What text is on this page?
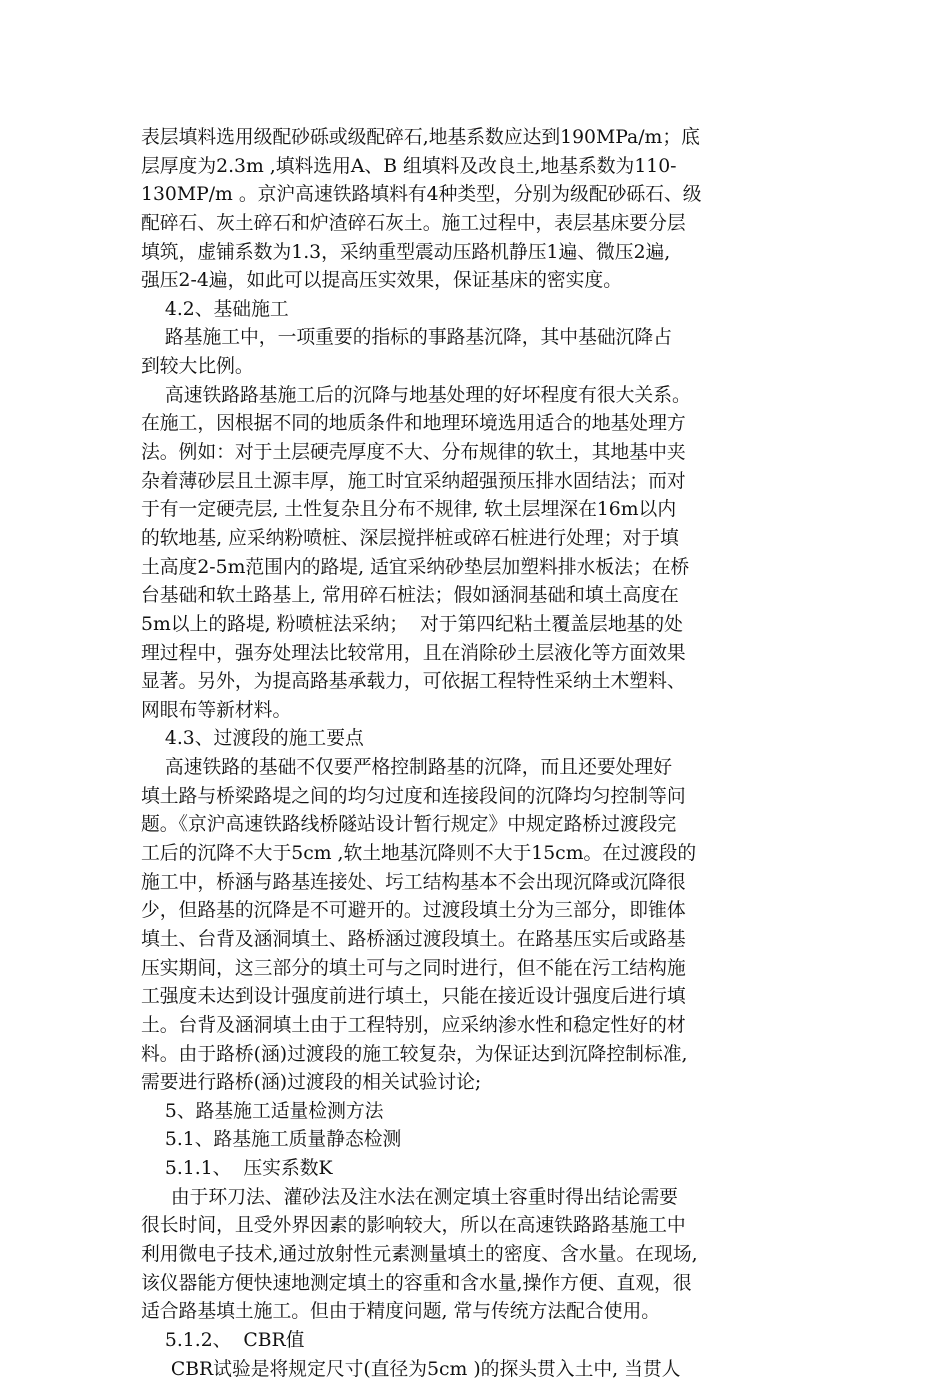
表层填料选用级配砂砾或级配碎石,地基系数应达到190MPa/m；底
层厚度为2.3m ,填料选用A、B 组填料及改良土,地基系数为110-
130MP/m 。京沪高速铁路填料有4种类型，分别为级配砂砾石、级
配碎石、灰土碎石和炉渣碎石灰土。施工过程中，表层基床要分层
填筑，虚铺系数为1.3，采纳重型震动压路机静压1遍、微压2遍,
强压2-4遍，如此可以提高压实效果，保证基床的密实度。
4.2、基础施工
路基施工中，一项重要的指标的事路基沉降，其中基础沉降占
到较大比例。
高速铁路路基施工后的沉降与地基处理的好坏程度有很大关系。
在施工，因根据不同的地质条件和地理环境选用适合的地基处理方
法。例如：对于土层硬壳厚度不大、分布规律的软土，其地基中夹
杂着薄砂层且土源丰厚，施工时宜采纳超强预压排水固结法；而对
于有一定硬壳层, 土性复杂且分布不规律, 软土层埋深在16m以内
的软地基, 应采纳粉喷桩、深层搅拌桩或碎石桩进行处理；对于填
土高度2-5m范围内的路堤, 适宜采纳砂垫层加塑料排水板法；在桥
台基础和软土路基上, 常用碎石桩法；假如涵洞基础和填土高度在
5m以上的路堤, 粉喷桩法采纳；  对于第四纪粘土覆盖层地基的处
理过程中，强夯处理法比较常用，且在消除砂土层液化等方面效果
显著。另外，为提高路基承载力，可依据工程特性采纳土木塑料、
网眼布等新材料。
4.3、过渡段的施工要点
高速铁路的基础不仅要严格控制路基的沉降，而且还要处理好
填土路与桥梁路堤之间的均匀过度和连接段间的沉降均匀控制等问
题。《京沪高速铁路线桥隧站设计暂行规定》中规定路桥过渡段完
工后的沉降不大于5cm ,软土地基沉降则不大于15cm。在过渡段的
施工中，桥涵与路基连接处、圬工结构基本不会出现沉降或沉降很
少，但路基的沉降是不可避开的。过渡段填土分为三部分，即锥体
填土、台背及涵洞填土、路桥涵过渡段填土。在路基压实后或路基
压实期间，这三部分的填土可与之同时进行，但不能在污工结构施
工强度未达到设计强度前进行填土，只能在接近设计强度后进行填
土。台背及涵洞填土由于工程特别，应采纳渗水性和稳定性好的材
料。由于路桥(涵)过渡段的施工较复杂，为保证达到沉降控制标准,
需要进行路桥(涵)过渡段的相关试验讨论;
5、路基施工适量检测方法
5.1、路基施工质量静态检测
5.1.1、  压实系数K
由于环刀法、灌砂法及注水法在测定填土容重时得出结论需要
很长时间，且受外界因素的影响较大，所以在高速铁路路基施工中
利用微电子技术,通过放射性元素测量填土的密度、含水量。在现场,
该仪器能方便快速地测定填土的容重和含水量,操作方便、直观，很
适合路基填土施工。但由于精度问题, 常与传统方法配合使用。
5.1.2、  CBR值
CBR试验是将规定尺寸(直径为5cm )的探头贯入土中, 当贯人
